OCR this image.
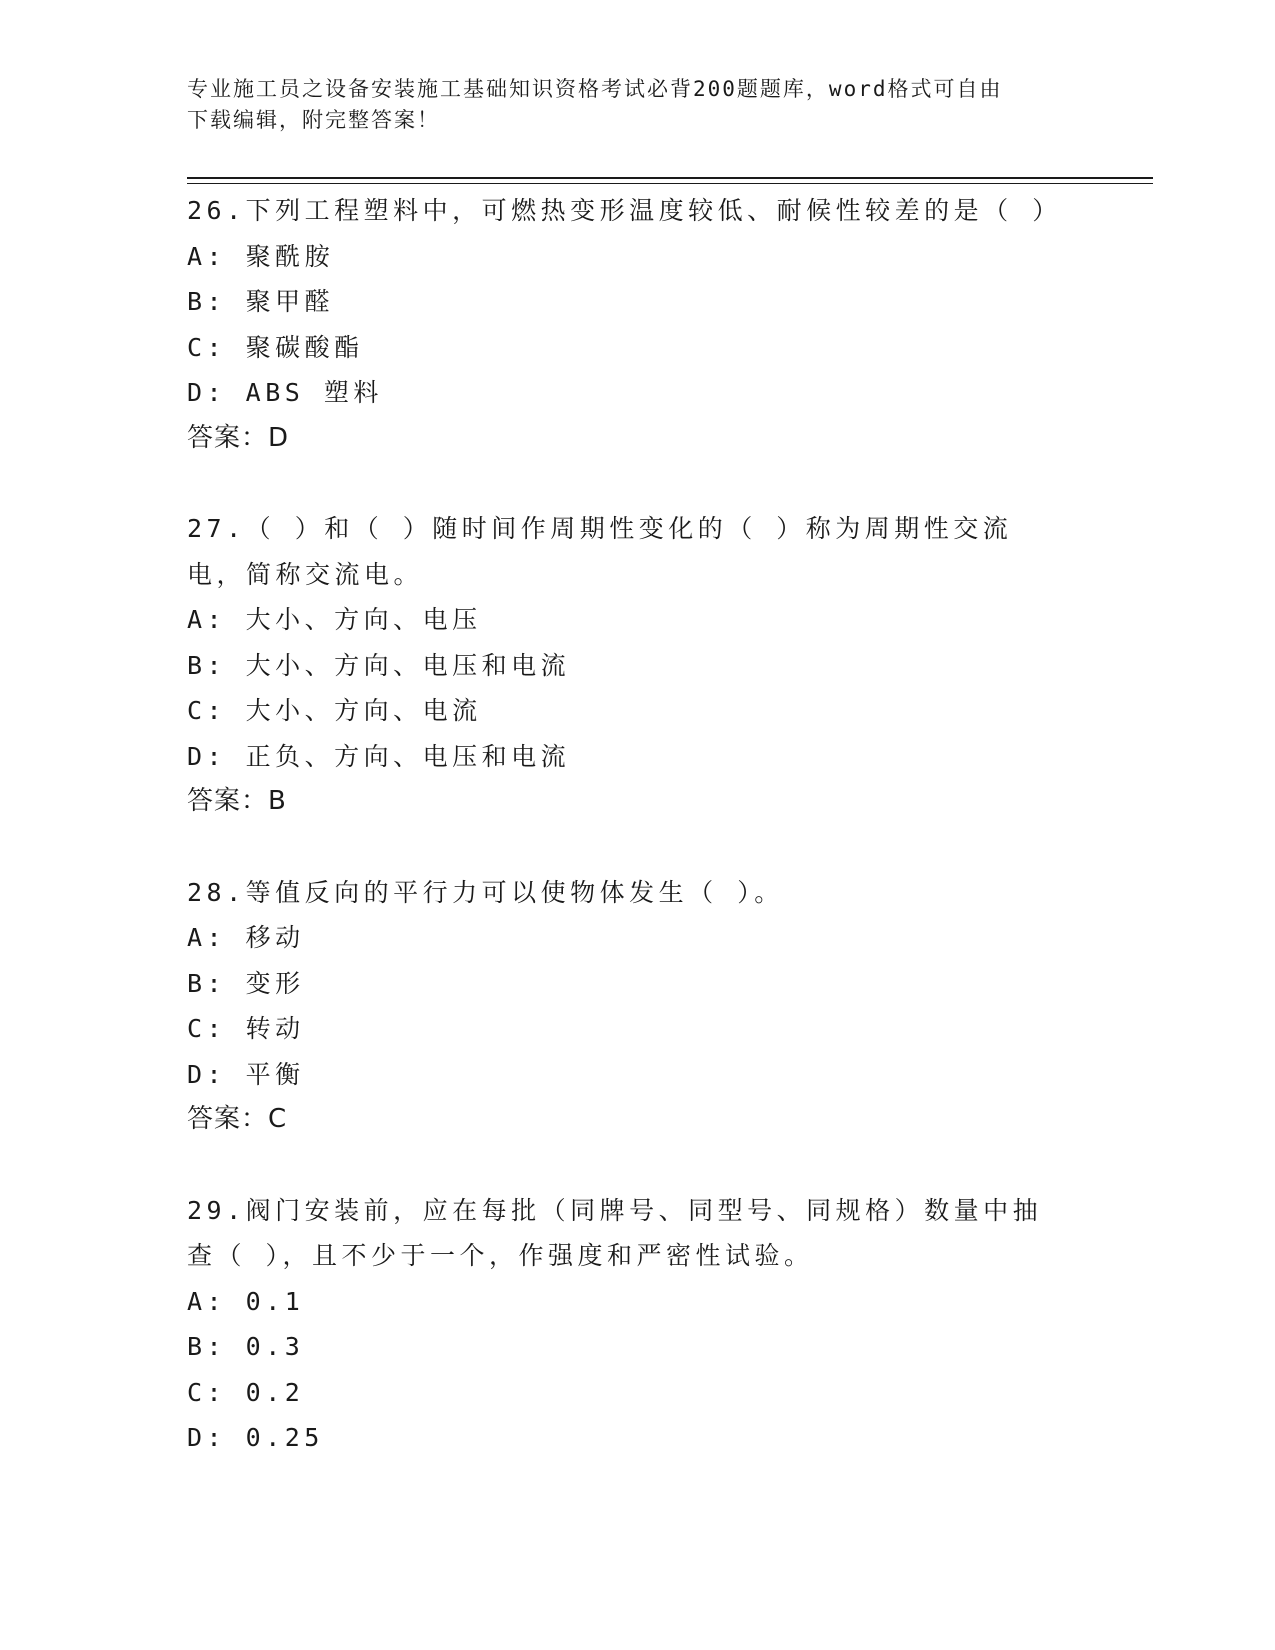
专业施工员之设备安装施工基础知识资格考试必背200题题库，word格式可自由
下载编辑，附完整答案！
26.下列工程塑料中，可燃热变形温度较低、耐候性较差的是（ ）
A: 聚酰胺
B: 聚甲醛
C: 聚碳酸酯
D: ABS 塑料
答案：D
27.（ ）和（ ）随时间作周期性变化的（ ）称为周期性交流电，简称交流电。
A: 大小、方向、电压
B: 大小、方向、电压和电流
C: 大小、方向、电流
D: 正负、方向、电压和电流
答案：B
28.等值反向的平行力可以使物体发生（ ）。
A: 移动
B: 变形
C: 转动
D: 平衡
答案：C
29.阀门安装前，应在每批（同牌号、同型号、同规格）数量中抽查（ ），且不少于一个，作强度和严密性试验。
A: 0.1
B: 0.3
C: 0.2
D: 0.25
